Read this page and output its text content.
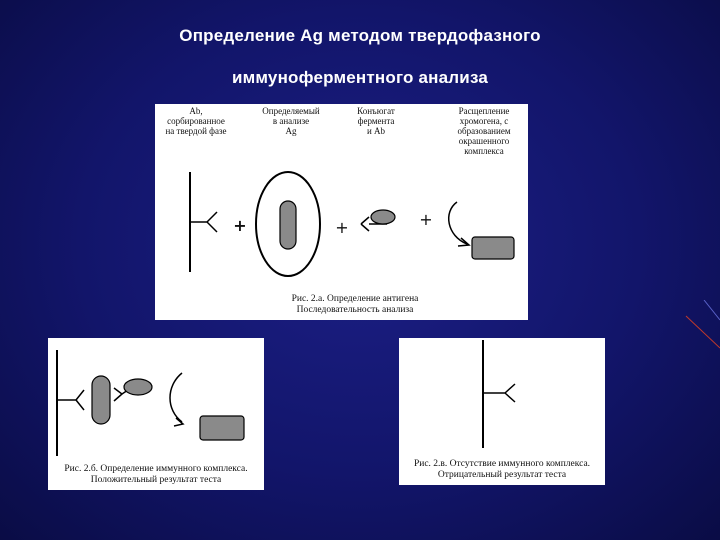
Определение Ag методом твердофазного
иммуноферментного анализа
Ab,
сорбированное
на твердой фазе
Определяемый
в анализе
Ag
Конъюгат
фермента
и Ab
Расщепление
хромогена, с
образованием
окрашенного
комплекса
+	+	+
Рис. 2.а. Определение антигена
Последовательность анализа
Рис. 2.б. Определение иммунного комплекса.
Положительный результат теста
Рис. 2.в. Отсутствие иммунного комплекса.
Отрицательный результат теста
